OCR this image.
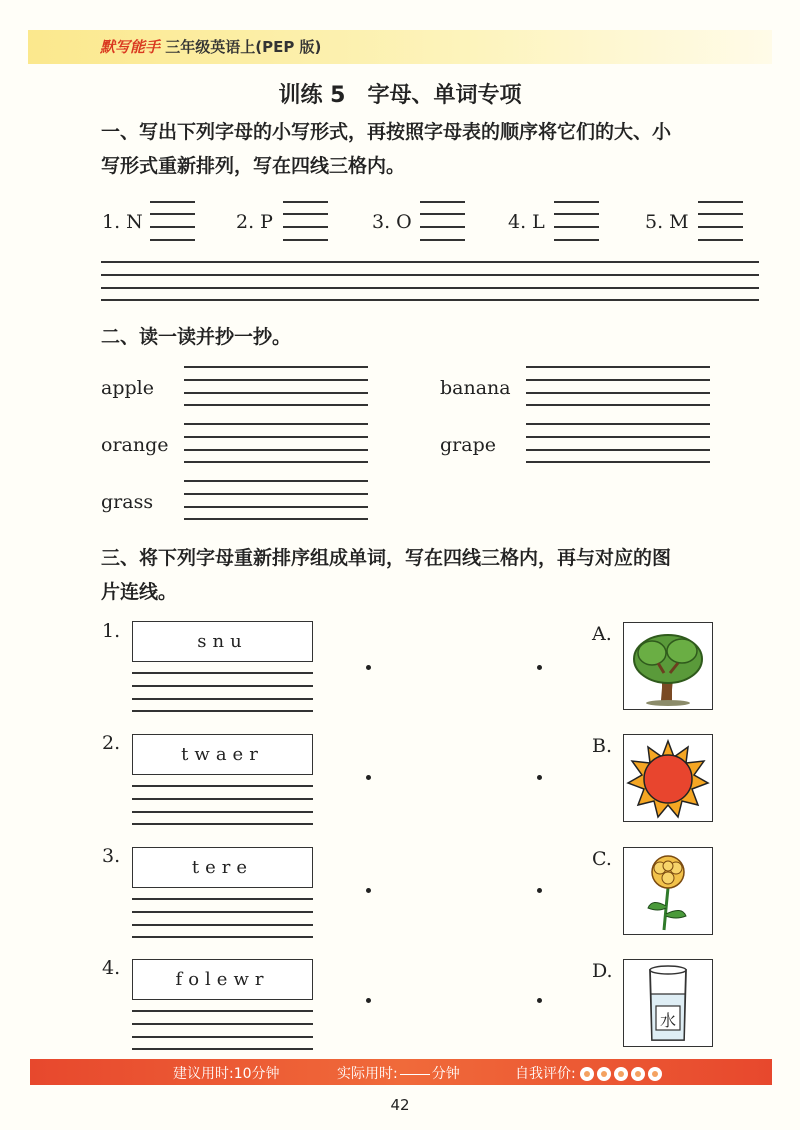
默写能手 三年级英语上(PEP 版)
训练 5　字母、单词专项
一、写出下列字母的小写形式，再按照字母表的顺序将它们的大、小
写形式重新排列，写在四线三格内。
1. N	2. P	3. O	4. L	5. M
二、读一读并抄一抄。
apple	banana
orange	grape
grass
三、将下列字母重新排序组成单词，写在四线三格内，再与对应的图
片连线。
1.	snu	A.
2.
twaer	B.
3.
tere	C.
4.
folewr	D.
水
建议用时:10分钟	实际用时: 分钟	自我评价:
42
